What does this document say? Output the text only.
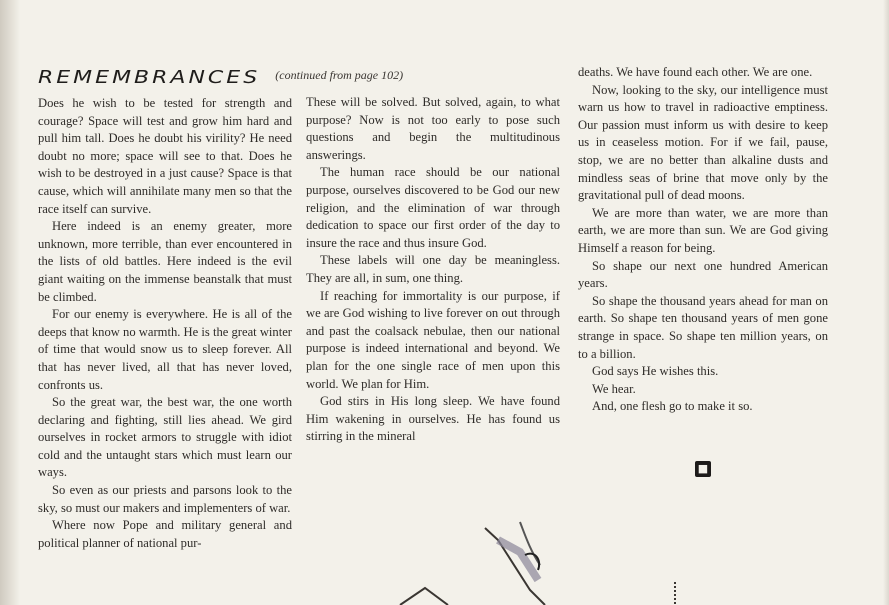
REMEMBRANCES (continued from page 102)

Does he wish to be tested for strength and courage? Space will test and grow him hard and pull him tall. Does he doubt his virility? He need doubt no more; space will see to that. Does he wish to be destroyed in a just cause? Space is that cause, which will annihilate many men so that the race itself can survive.

Here indeed is an enemy greater, more unknown, more terrible, than ever encountered in the lists of old battles. Here indeed is the evil giant waiting on the immense beanstalk that must be climbed.

For our enemy is everywhere. He is all of the deeps that know no warmth. He is the great winter of time that would snow us to sleep forever. All that has never lived, all that has never loved, confronts us.

So the great war, the best war, the one worth declaring and fighting, still lies ahead. We gird ourselves in rocket armors to struggle with idiot cold and the untaught stars which must learn our ways.

So even as our priests and parsons look to the sky, so must our makers and implementers of war.

Where now Pope and military general and political planner of national pur-

These will be solved. But solved, again, to what purpose? Now is not too early to pose such questions and begin the multitudinous answerings.

The human race should be our national purpose, ourselves discovered to be God our new religion, and the elimination of war through dedication to space our first order of the day to insure the race and thus insure God.

These labels will one day be meaningless. They are all, in sum, one thing.

If reaching for immortality is our purpose, if we are God wishing to live forever on out through and past the coalsack nebulae, then our national purpose is indeed international and beyond. We plan for the one single race of men upon this world. We plan for Him.

God stirs in His long sleep. We have found Him wakening in ourselves. He has found us stirring in the mineral

deaths. We have found each other. We are one.

Now, looking to the sky, our intelligence must warn us how to travel in radioactive emptiness. Our passion must inform us with desire to keep us in ceaseless motion. For if we fail, pause, stop, we are no better than alkaline dusts and mindless seas of brine that move only by the gravitational pull of dead moons.

We are more than water, we are more than earth, we are more than sun. We are God giving Himself a reason for being.

So shape our next one hundred American years.

So shape the thousand years ahead for man on earth. So shape ten thousand years of men gone strange in space. So shape ten million years, on to a billion.

God says He wishes this.

We hear.

And, one flesh go to make it so.

■
